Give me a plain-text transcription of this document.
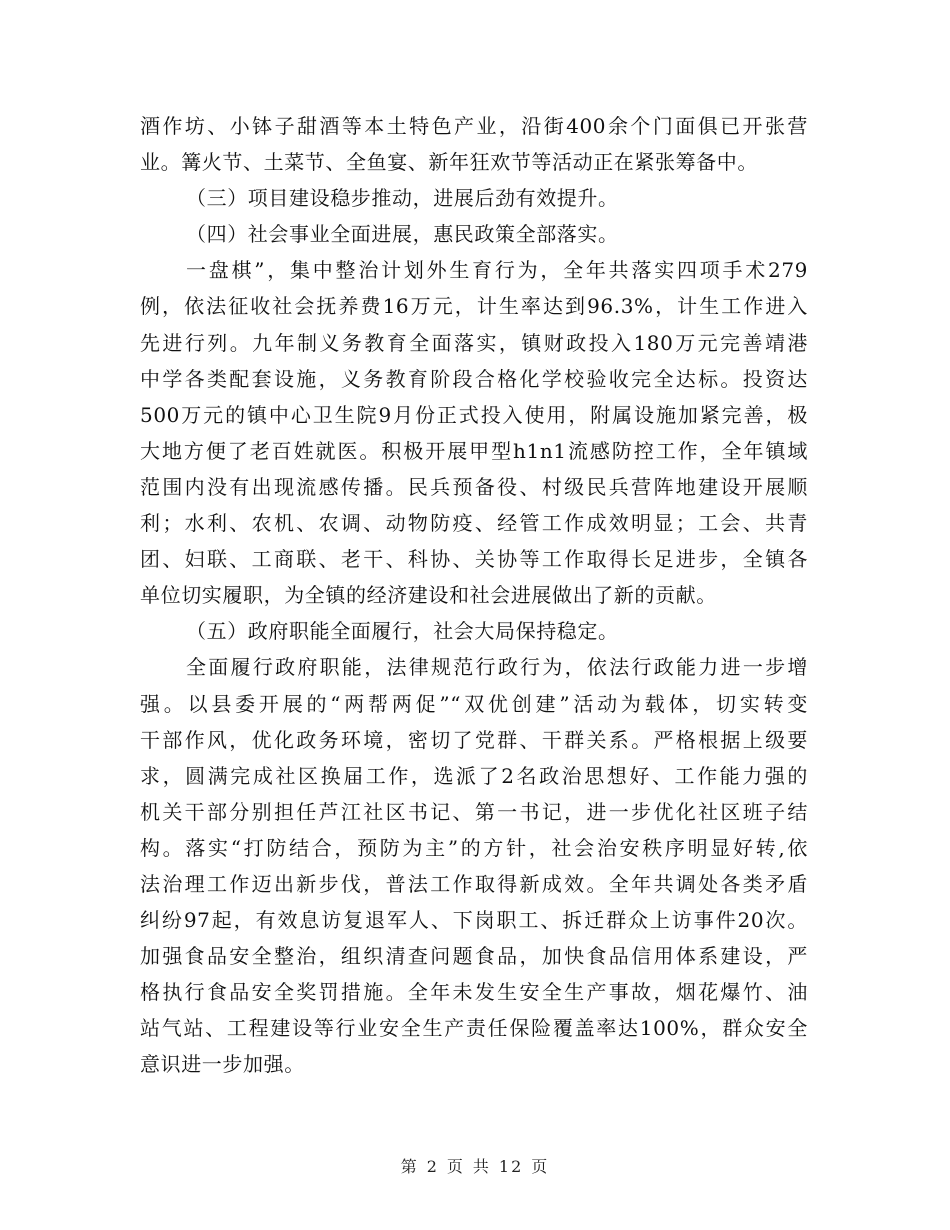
酒作坊、小钵子甜酒等本土特色产业，沿街400余个门面俱已开张营
业。篝火节、土菜节、全鱼宴、新年狂欢节等活动正在紧张筹备中。
（三）项目建设稳步推动，进展后劲有效提升。
（四）社会事业全面进展，惠民政策全部落实。
一盘棋”，集中整治计划外生育行为，全年共落实四项手术279
例，依法征收社会抚养费16万元，计生率达到96.3%，计生工作进入
先进行列。九年制义务教育全面落实，镇财政投入180万元完善靖港
中学各类配套设施，义务教育阶段合格化学校验收完全达标。投资达
500万元的镇中心卫生院9月份正式投入使用，附属设施加紧完善，极
大地方便了老百姓就医。积极开展甲型h1n1流感防控工作，全年镇域
范围内没有出现流感传播。民兵预备役、村级民兵营阵地建设开展顺
利；水利、农机、农调、动物防疫、经管工作成效明显；工会、共青
团、妇联、工商联、老干、科协、关协等工作取得长足进步，全镇各
单位切实履职，为全镇的经济建设和社会进展做出了新的贡献。
（五）政府职能全面履行，社会大局保持稳定。
全面履行政府职能，法律规范行政行为，依法行政能力进一步增
强。以县委开展的“两帮两促”“双优创建”活动为载体，切实转变
干部作风，优化政务环境，密切了党群、干群关系。严格根据上级要
求，圆满完成社区换届工作，选派了2名政治思想好、工作能力强的
机关干部分别担任芦江社区书记、第一书记，进一步优化社区班子结
构。落实“打防结合，预防为主”的方针，社会治安秩序明显好转,依
法治理工作迈出新步伐，普法工作取得新成效。全年共调处各类矛盾
纠纷97起，有效息访复退军人、下岗职工、拆迁群众上访事件20次。
加强食品安全整治，组织清查问题食品，加快食品信用体系建设，严
格执行食品安全奖罚措施。全年未发生安全生产事故，烟花爆竹、油
站气站、工程建设等行业安全生产责任保险覆盖率达100%，群众安全
意识进一步加强。
第 2 页 共 12 页
